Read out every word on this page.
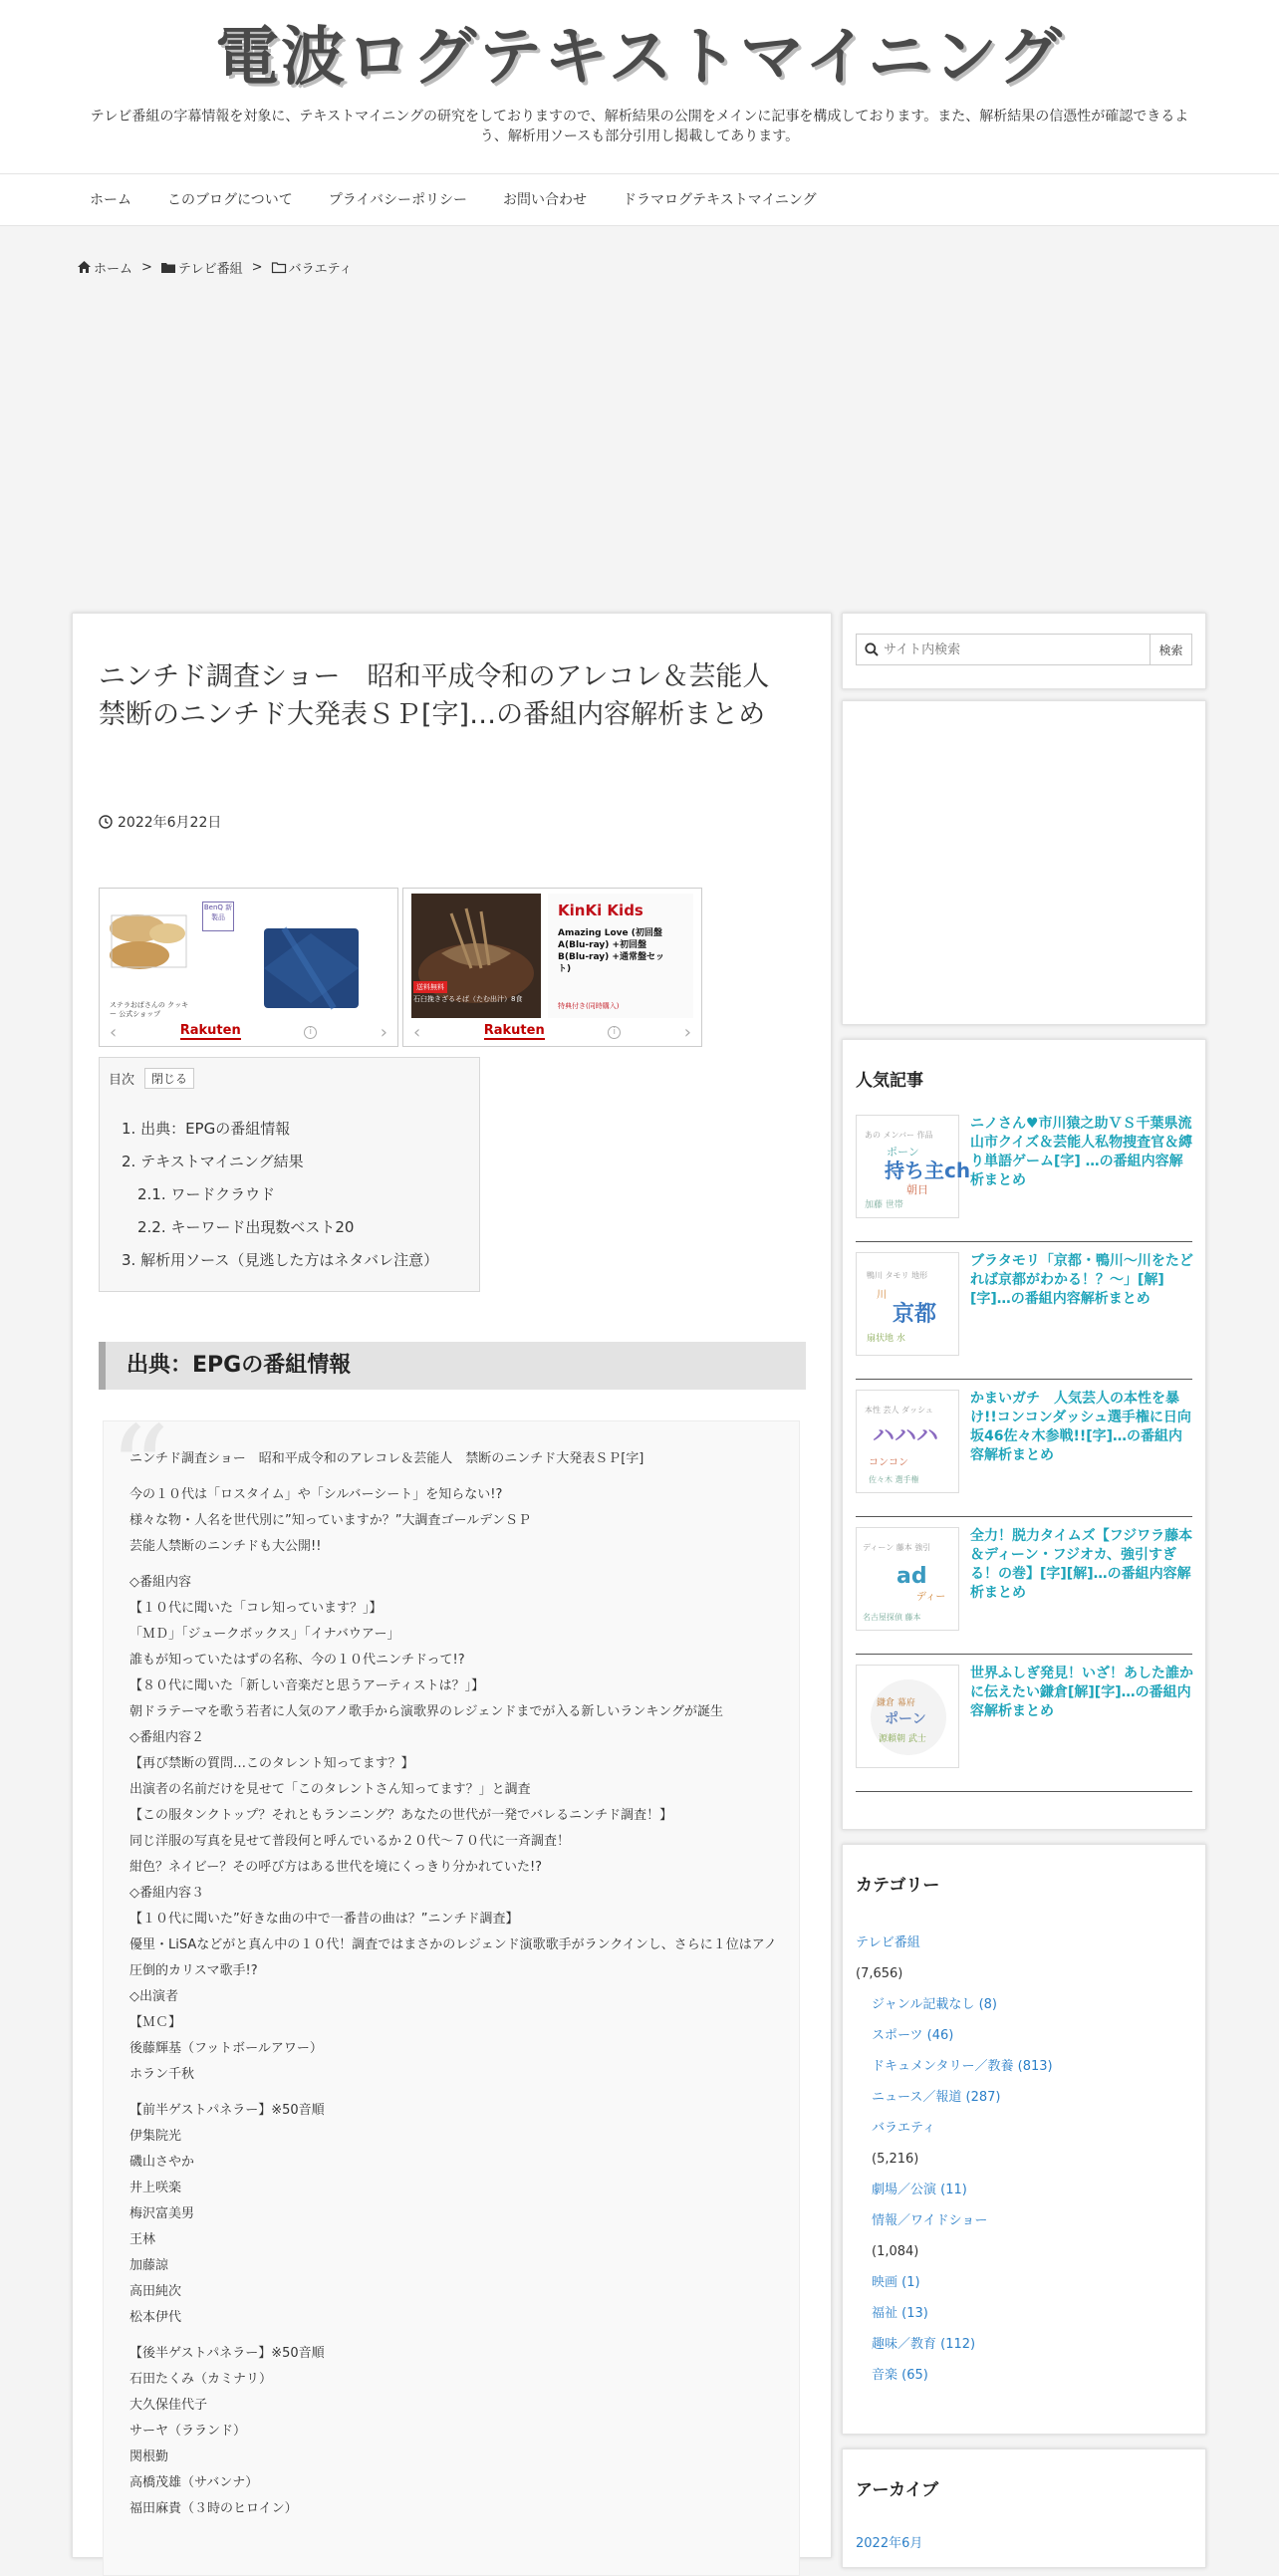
電波ログテキストマイニング
テレビ番組の字幕情報を対象に、テキストマイニングの研究をしておりますので、解析結果の公開をメインに記事を構成しております。また、解析結果の信憑性が確認できるよう、解析用ソースも部分引用し掲載してあります。
ホーム	このブログについて	プライバシーポリシー	お問い合わせ	ドラマログテキストマイニング
ホーム > テレビ番組 > バラエティ
ニンチド調査ショー　昭和平成令和のアレコレ＆芸能人　禁断のニンチド大発表ＳＰ[字]…の番組内容解析まとめ
2022年6月22日
ステラおばさんの クッキー 公式ショップ
BenQ 新製品
‹	Rakuten	i	›
送料無料
石臼挽きざるそば（たむ出汁）8食
KinKi Kids
Amazing Love (初回盤A(Blu-ray) +初回盤B(Blu-ray) +通常盤セット)
特典付き(同時購入)
‹	Rakuten	i	›
目次	閉じる
1. 出典：EPGの番組情報
2. テキストマイニング結果
2.1. ワードクラウド
2.2. キーワード出現数ベスト20
3. 解析用ソース（見逃した方はネタバレ注意）
出典：EPGの番組情報
“
ニンチド調査ショー　昭和平成令和のアレコレ＆芸能人　禁断のニンチド大発表ＳＰ[字]
今の１０代は「ロスタイム」や「シルバーシート」を知らない!?
様々な物・人名を世代別に”知っていますか？”大調査ゴールデンＳＰ
芸能人禁断のニンチドも大公開!!
◇番組内容
【１０代に聞いた「コレ知っています？」】
「ＭＤ」「ジュークボックス」「イナバウアー」
誰もが知っていたはずの名称、今の１０代ニンチドって!?
【８０代に聞いた「新しい音楽だと思うアーティストは？」】
朝ドラテーマを歌う若者に人気のアノ歌手から演歌界のレジェンドまでが入る新しいランキングが誕生
◇番組内容２
【再び禁断の質問…このタレント知ってます？】
出演者の名前だけを見せて「このタレントさん知ってます？」と調査
【この服タンクトップ？それともランニング？あなたの世代が一発でバレるニンチド調査！】
同じ洋服の写真を見せて普段何と呼んでいるか２０代～７０代に一斉調査！
紺色？ネイビー？その呼び方はある世代を境にくっきり分かれていた!?
◇番組内容３
【１０代に聞いた”好きな曲の中で一番昔の曲は？”ニンチド調査】
優里・LiSAなどがと真ん中の１０代！調査ではまさかのレジェンド演歌歌手がランクインし、さらに１位はアノ圧倒的カリスマ歌手!?
◇出演者
【ＭＣ】
後藤輝基（フットボールアワー）
ホラン千秋
【前半ゲストパネラー】※50音順
伊集院光
磯山さやか
井上咲楽
梅沢富美男
王林
加藤諒
高田純次
松本伊代
【後半ゲストパネラー】※50音順
石田たくみ（カミナリ）
大久保佳代子
サーヤ（ラランド）
関根勤
高橋茂雄（サバンナ）
福田麻貴（３時のヒロイン）
サイト内検索
検索
人気記事
あの メンバー 作品
ポーン
持ち主ch
朝日
加藤 世帯
ニノさん♥市川猿之助ＶＳ千葉県流山市クイズ＆芸能人私物捜査官＆縛り単語ゲーム[字] …の番組内容解析まとめ
鴨川 タモリ 地形
川
京都
扇状地 水
ブラタモリ「京都・鴨川～川をたどれば京都がわかる！？～」[解][字]…の番組内容解析まとめ
本性 芸人 ダッシュ
ハハハ
コンコン
佐々木 選手権
かまいガチ　人気芸人の本性を暴け!!コンコンダッシュ選手権に日向坂46佐々木参戦!![字]…の番組内容解析まとめ
ディーン 藤本 強引
ad
ディー
名古屋探偵 藤本
全力！脱力タイムズ【フジワラ藤本＆ディーン・フジオカ、強引すぎる！の巻】[字][解]…の番組内容解析まとめ
鎌倉 幕府
ポーン
源頼朝 武士
世界ふしぎ発見！いざ！あした誰かに伝えたい鎌倉[解][字]…の番組内容解析まとめ
カテゴリー
テレビ番組
(7,656)
ジャンル記載なし (8)
スポーツ (46)
ドキュメンタリー／教養 (813)
ニュース／報道 (287)
バラエティ
(5,216)
劇場／公演 (11)
情報／ワイドショー
(1,084)
映画 (1)
福祉 (13)
趣味／教育 (112)
音楽 (65)
アーカイブ
2022年6月
